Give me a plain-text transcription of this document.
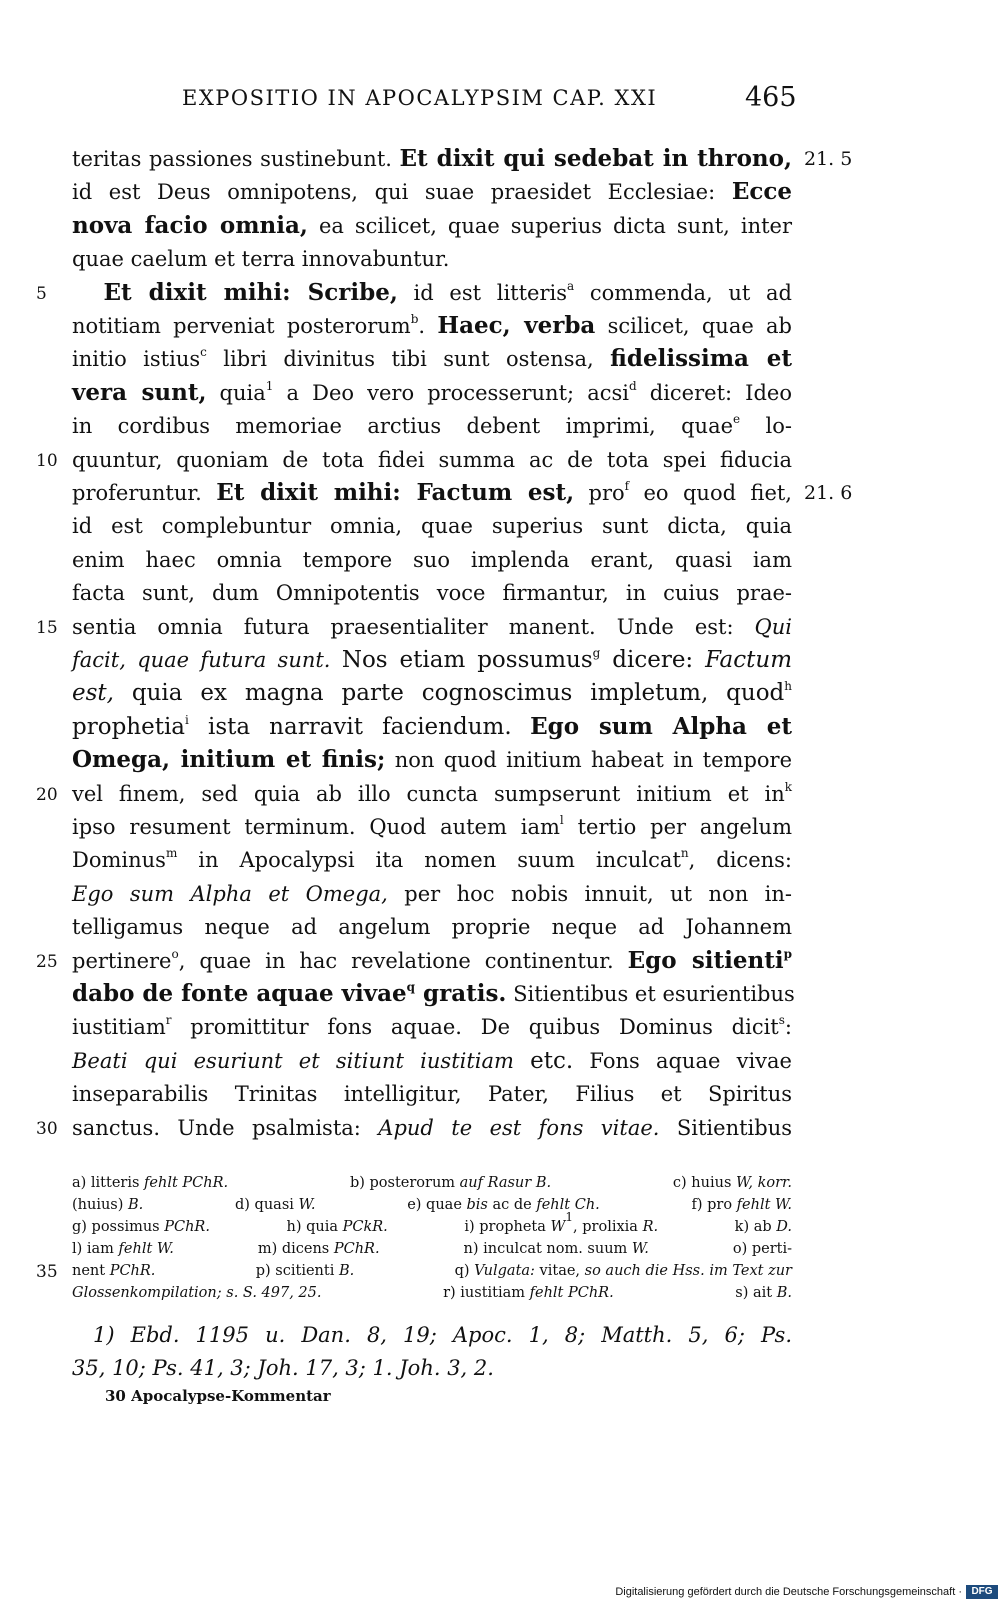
EXPOSITIO IN APOCALYPSIM CAP. XXI	465
teritas passiones sustinebunt. Et dixit qui sedebat in throno, 21. 5
id est Deus omnipotens, qui suae praesidet Ecclesiae: Ecce
nova facio omnia, ea scilicet, quae superius dicta sunt, inter
quae caelum et terra innovabuntur.
  Et dixit mihi: Scribe, id est litteris$^a$ commenda, ut ad
5
notitiam perveniat posterorum$^b$. Haec, verba scilicet, quae ab
initio istius$^c$ libri divinitus tibi sunt ostensa, fidelissima et
vera sunt, quia$^1$ a Deo vero processerunt; acsi$^d$ diceret: Ideo
in cordibus memoriae arctius debent imprimi, quae$^e$ lo-
quuntur, quoniam de tota fidei summa ac de tota spei fiducia
10
proferuntur. Et dixit mihi: Factum est, pro$^f$ eo quod fiet, 21. 6
id est complebuntur omnia, quae superius sunt dicta, quia
enim haec omnia tempore suo implenda erant, quasi iam
facta sunt, dum Omnipotentis voce firmantur, in cuius prae-
sentia omnia futura praesentialiter manent. Unde est: Qui
15
facit, quae futura sunt. Nos etiam possumus$^g$ dicere: Factum
est, quia ex magna parte cognoscimus impletum, quod$^h$
prophetia$^i$ ista narravit faciendum. Ego sum Alpha et
Omega, initium et finis; non quod initium habeat in tempore
vel finem, sed quia ab illo cuncta sumpserunt initium et $in^k$
20
ipso resument terminum. Quod autem iam$^l$ tertio per angelum
Dominus$^m$ in Apocalypsi ita nomen suum inculcat$^n$, dicens:
Ego sum Alpha et Omega, per hoc nobis innuit, ut non in-
telligamus neque ad angelum proprie neque ad Johannem
pertinere$^o$, quae in hac revelatione continentur. Ego sitienti$^p$
25
dabo de fonte aquae vivae$^q$ gratis. Sitientibus et esurientibus
iustitiam$^r$ promittitur fons aquae. De quibus Dominus dicit$^s$:
Beati qui esuriunt et sitiunt iustitiam etc. Fons aquae vivae
inseparabilis Trinitas intelligitur, Pater, Filius et Spiritus
sanctus. Unde psalmista: Apud te est fons vitae. Sitientibus
30
a) litteris fehlt PChR.	b) posterorum auf Rasur B.	c) huius W, korr.
(huius) B.	d) quasi W.	e) quae bis ac de fehlt Ch.	f) pro fehlt W.
g) possimus PChR.	h) quia PCkR.	i) propheta $W^1$, prolixia R.	k) ab D.
l) iam fehlt W.	m) dicens PChR.	n) inculcat nom. suum W.	o) perti-
nent PChR.	p) scitienti B.	q) Vulgata: vitae, so auch die Hss. im Text zur
35
Glossenkompilation; s. S. 497, 25.	r) iustitiam fehlt PChR.	s) ait B.
 1) Ebd. 1195 u. Dan. 8, 19; Apoc. 1, 8; Matth. 5, 6; Ps.
35, 10; Ps. 41, 3; Joh. 17, 3; 1. Joh. 3, 2.
30 Apocalypse-Kommentar
Digitalisierung gefördert durch die Deutsche Forschungsgemeinschaft · DFG
